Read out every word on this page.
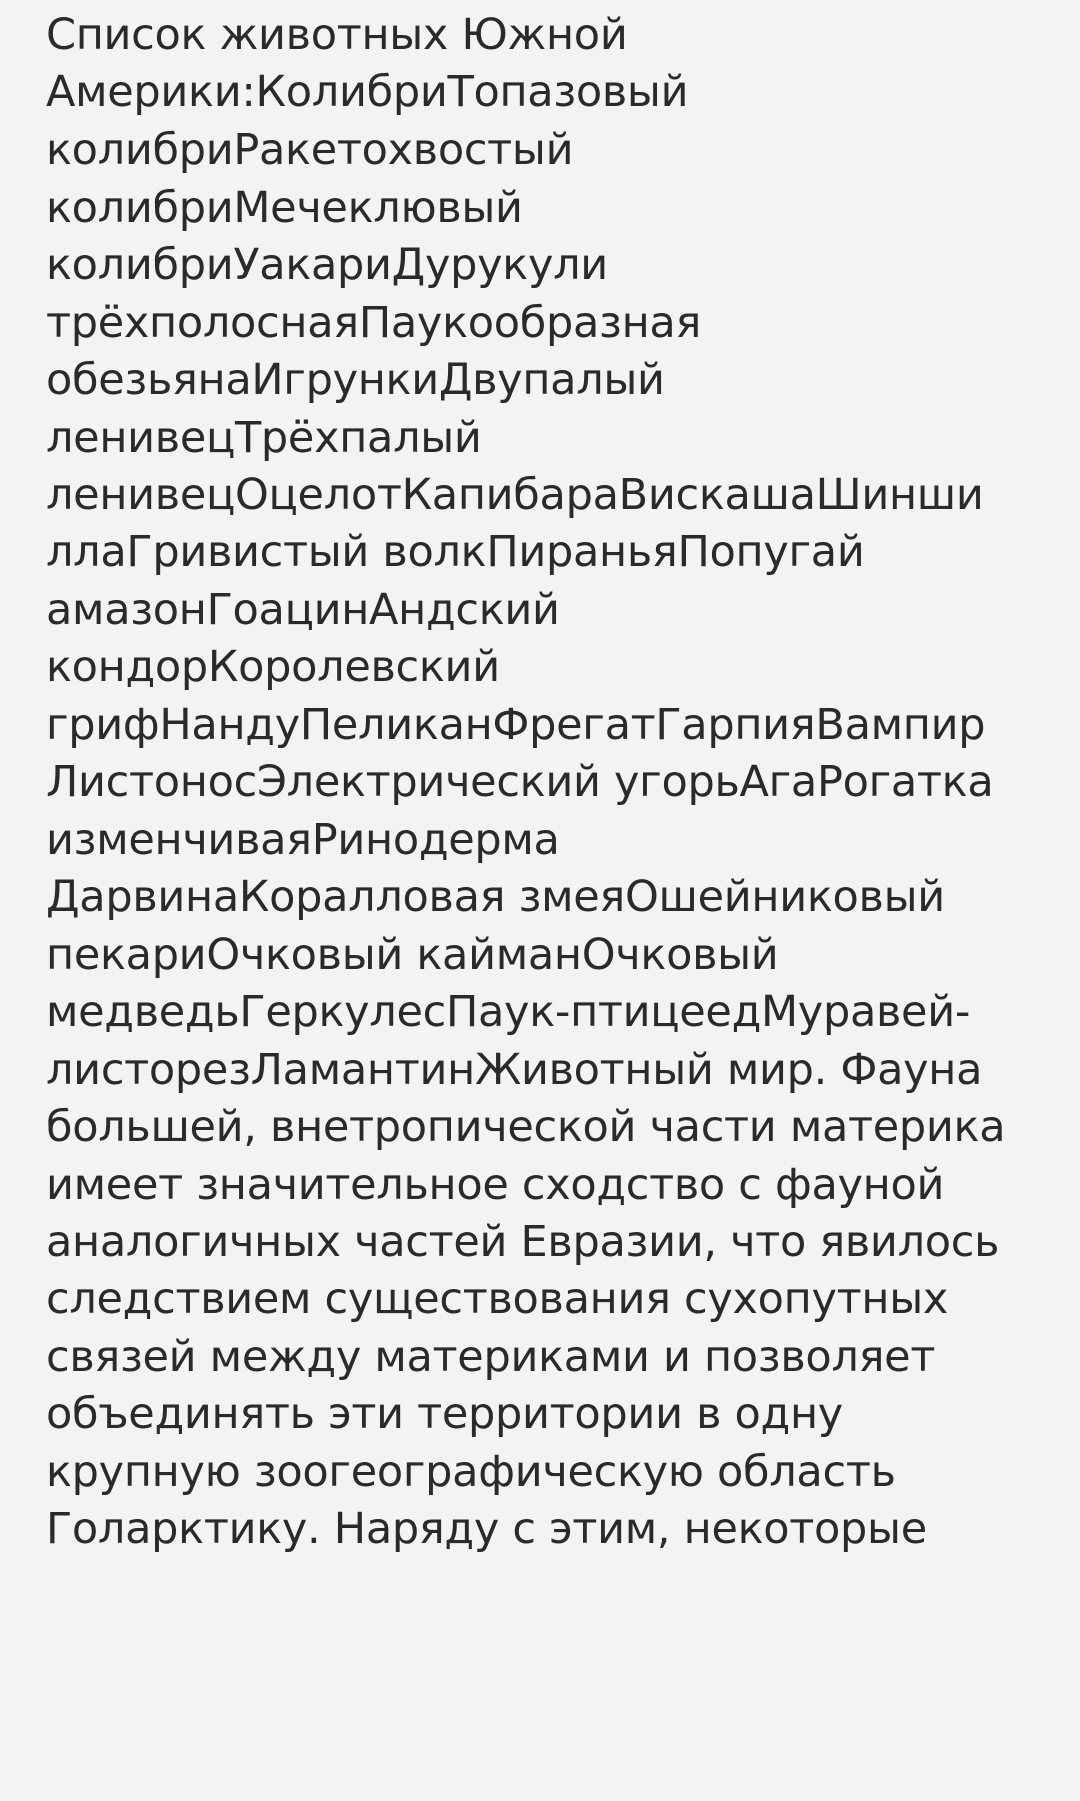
Список животных Южной

Америки:КолибриТопазовый

колибриРакетохвостый

колибриМечеклювый

колибриУакариДурукули

трёхполоснаяПаукообразная

обезьянаИгрункиДвупалый

ленивецТрёхпалый

ленивецОцелотКапибараВискашаШинши

ллаГривистый волкПираньяПопугай

амазонГоацинАндский

кондорКоролевский

грифНандуПеликанФрегатГарпияВампир

ЛистоносЭлектрический угорьАгаРогатка

изменчиваяРинодерма

ДарвинаКоралловая змеяОшейниковый

пекариОчковый кайманОчковый

медведьГеркулесПаук-птицеедМуравей-

листорезЛамантинЖивотный мир. Фауна

большей, внетропической части материка

имеет значительное сходство с фауной

аналогичных частей Евразии, что явилось

следствием существования сухопутных

связей между материками и позволяет

объединять эти территории в одну

крупную зоогеографическую область

Голарктику. Наряду с этим, некоторые
